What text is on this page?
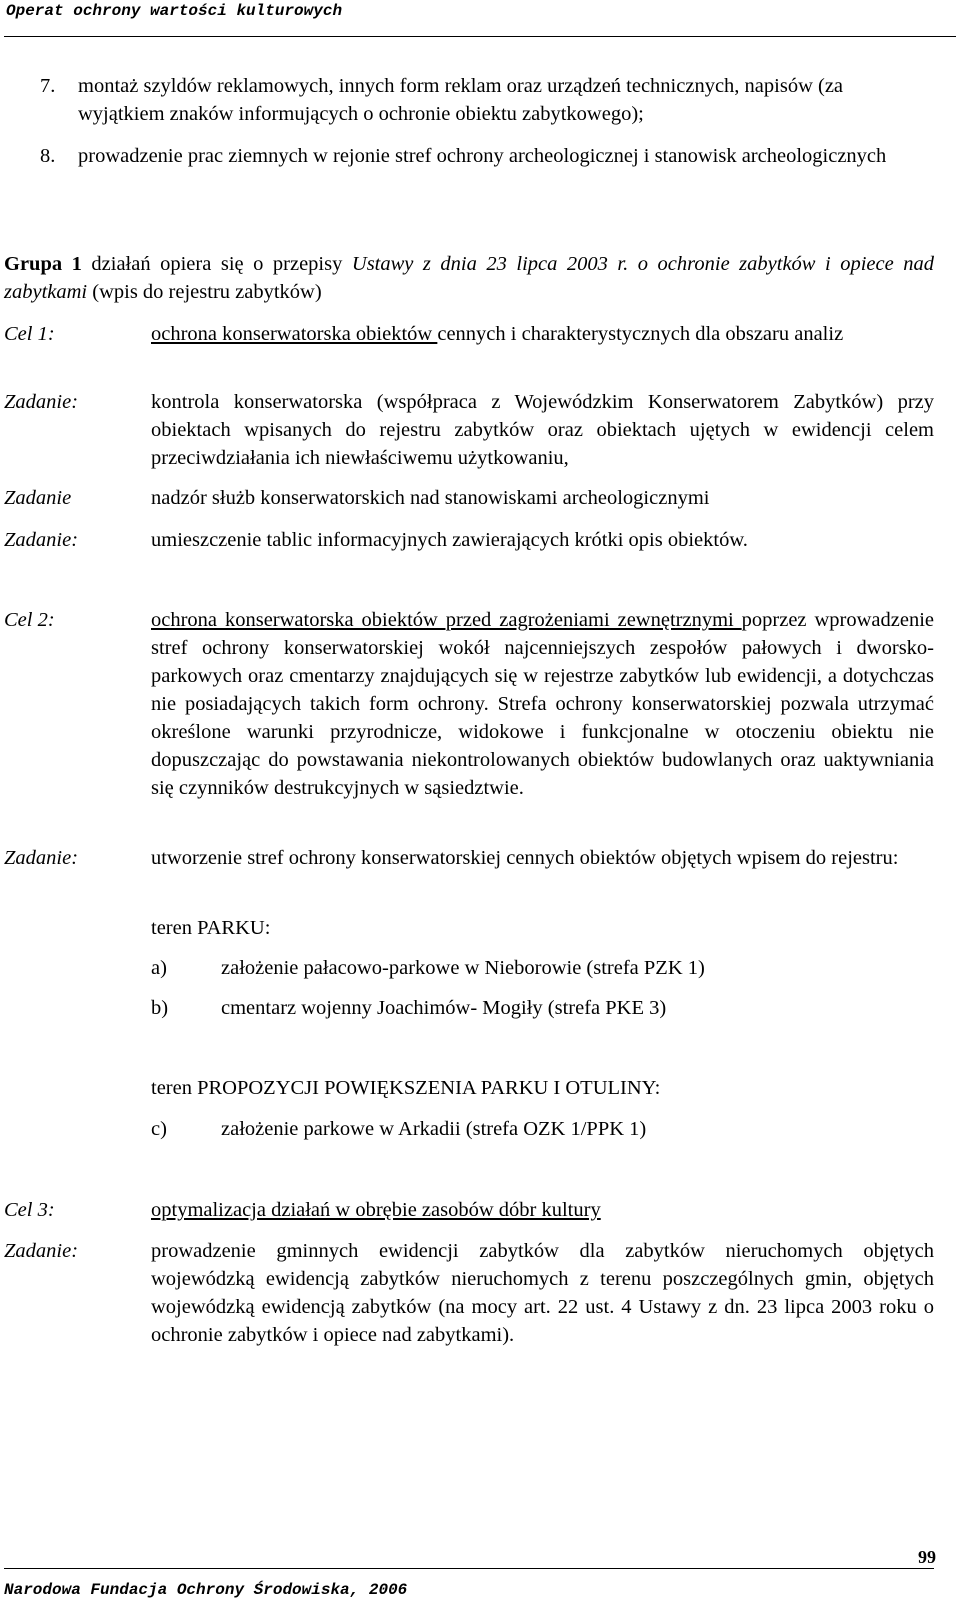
Operat ochrony wartości kulturowych
7. montaż szyldów reklamowych, innych form reklam oraz urządzeń technicznych, napisów (za wyjątkiem znaków informujących o ochronie obiektu zabytkowego);
8. prowadzenie prac ziemnych w rejonie stref ochrony archeologicznej i stanowisk archeologicznych
Grupa 1 działań opiera się o przepisy Ustawy z dnia 23 lipca 2003 r. o ochronie zabytków i opiece nad zabytkami (wpis do rejestru zabytków)
Cel 1:	ochrona konserwatorska obiektów cennych i charakterystycznych dla obszaru analiz
Zadanie:	kontrola konserwatorska (współpraca z Wojewódzkim Konserwatorem Zabytków) przy obiektach wpisanych do rejestru zabytków oraz obiektach ujętych w ewidencji celem przeciwdziałania ich niewłaściwemu użytkowaniu,
Zadanie	nadzór służb konserwatorskich nad stanowiskami archeologicznymi
Zadanie:	umieszczenie tablic informacyjnych zawierających krótki opis obiektów.
Cel 2:	ochrona konserwatorska obiektów przed zagrożeniami zewnętrznymi poprzez wprowadzenie stref ochrony konserwatorskiej wokół najcenniejszych zespołów pałowych i dworsko-parkowych oraz cmentarzy znajdujących się w rejestrze zabytków lub ewidencji, a dotychczas nie posiadających takich form ochrony. Strefa ochrony konserwatorskiej pozwala utrzymać określone warunki przyrodnicze, widokowe i funkcjonalne w otoczeniu obiektu nie dopuszczając do powstawania niekontrolowanych obiektów budowlanych oraz uaktywniania się czynników destrukcyjnych w sąsiedztwie.
Zadanie:	utworzenie stref ochrony konserwatorskiej cennych obiektów objętych wpisem do rejestru:
teren PARKU:
a)	założenie pałacowo-parkowe w Nieborowie (strefa PZK 1)
b)	cmentarz wojenny Joachimów- Mogiły (strefa PKE 3)
teren PROPOZYCJI POWIĘKSZENIA PARKU I OTULINY:
c)	założenie parkowe w Arkadii (strefa OZK 1/PPK 1)
Cel 3:	optymalizacja działań w obrębie zasobów dóbr kultury
Zadanie:	prowadzenie gminnych ewidencji zabytków dla zabytków nieruchomych objętych wojewódzką ewidencją zabytków nieruchomych z terenu poszczególnych gmin, objętych wojewódzką ewidencją zabytków (na mocy art. 22 ust. 4 Ustawy z dn. 23 lipca 2003 roku o ochronie zabytków i opiece nad zabytkami).
99
Narodowa Fundacja Ochrony Środowiska, 2006
